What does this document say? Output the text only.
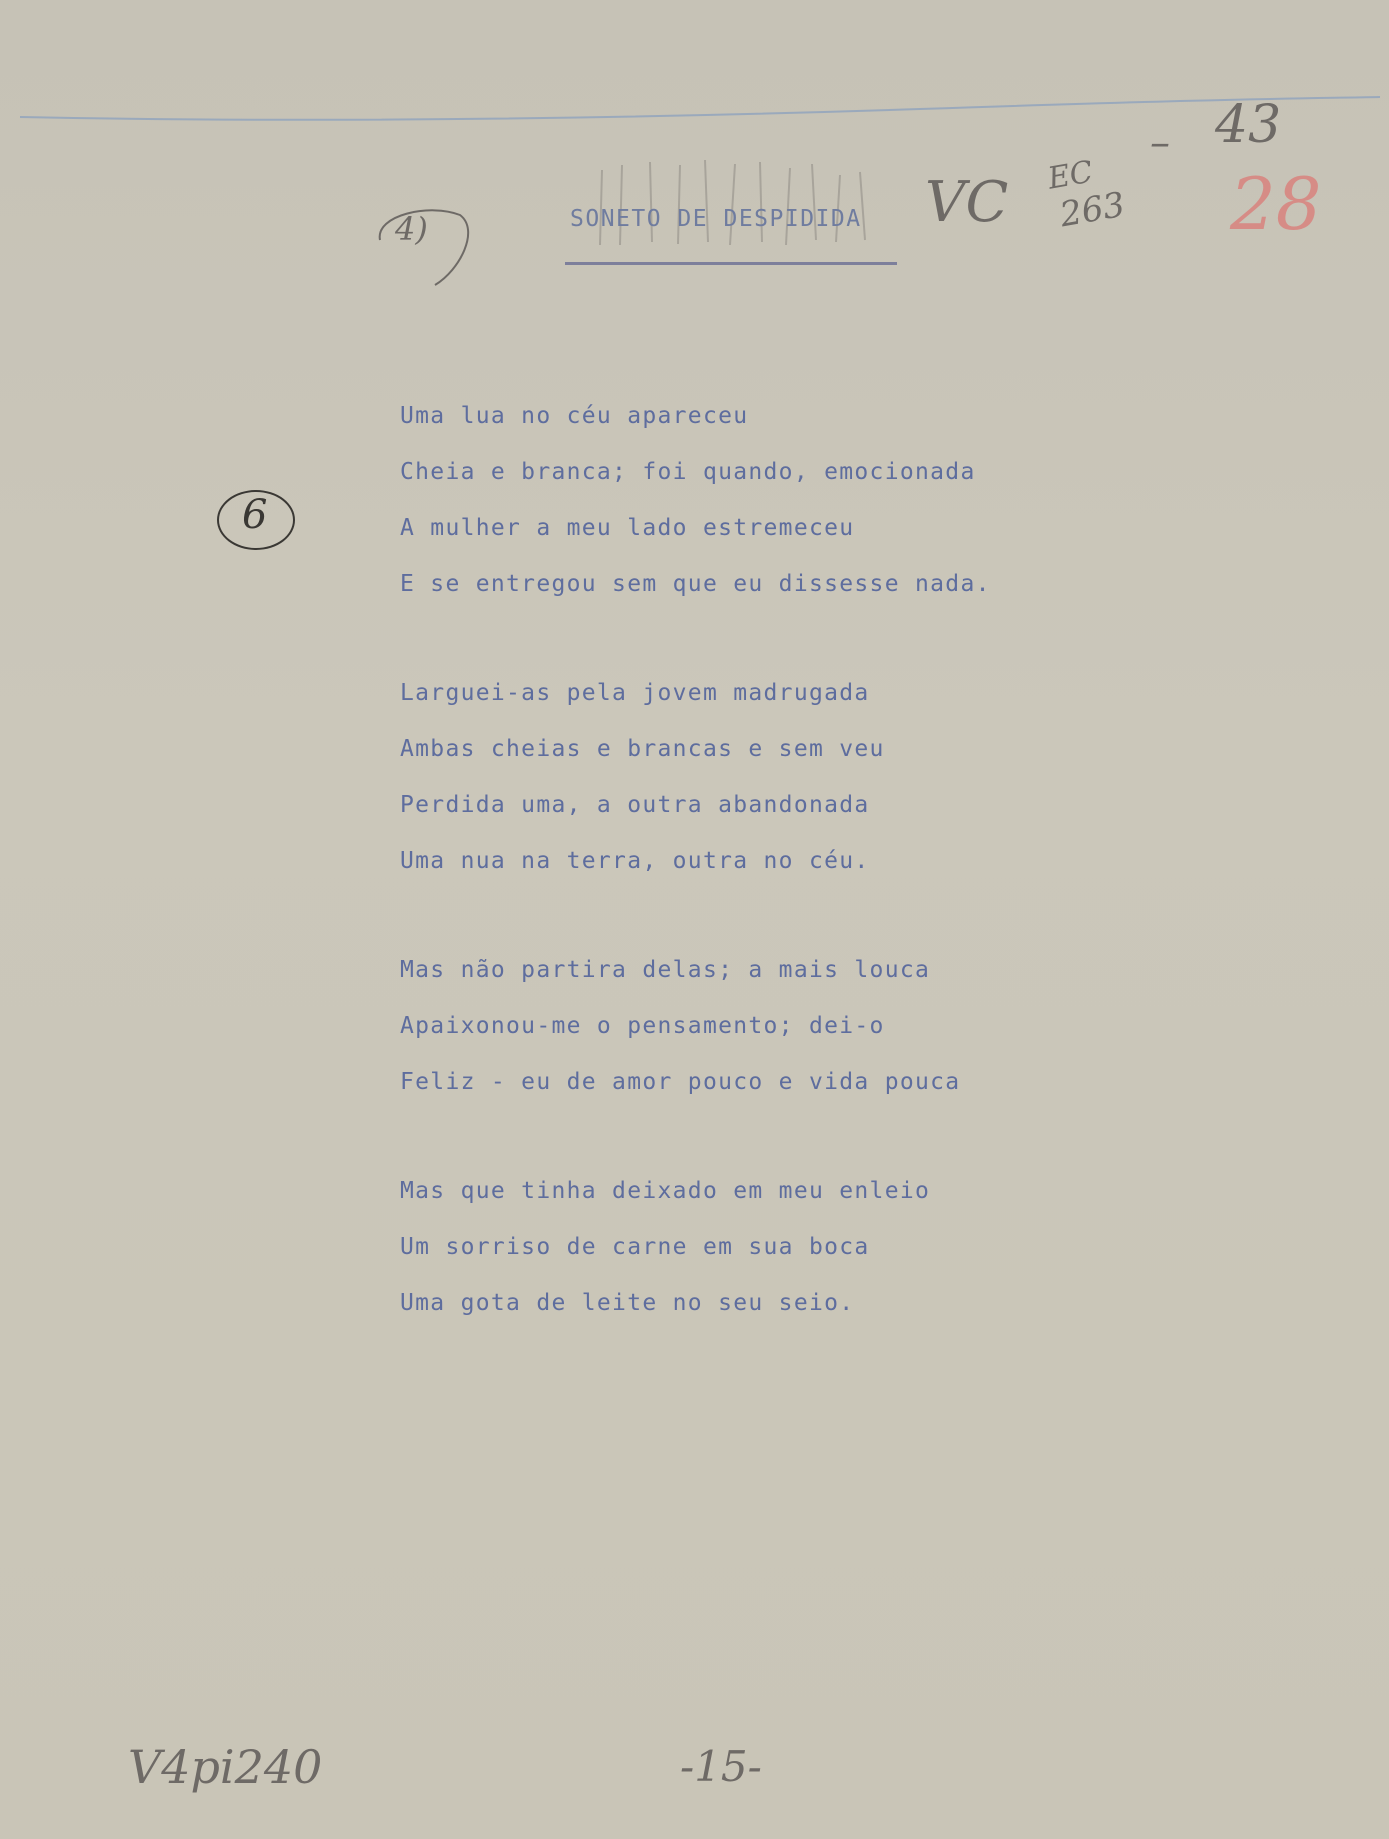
SONETO DE DESPIDIDA
4)	VC EC
263
– 43
28
6
Uma lua no céu apareceu
Cheia e branca; foi quando, emocionada
A mulher a meu lado estremeceu
E se entregou sem que eu dissesse nada.
Larguei-as pela jovem madrugada
Ambas cheias e brancas e sem veu
Perdida uma, a outra abandonada
Uma nua na terra, outra no céu.
Mas não partira delas; a mais louca
Apaixonou-me o pensamento; dei-o
Feliz - eu de amor pouco e vida pouca
Mas que tinha deixado em meu enleio
Um sorriso de carne em sua boca
Uma gota de leite no seu seio.
V4pi240	-15-
